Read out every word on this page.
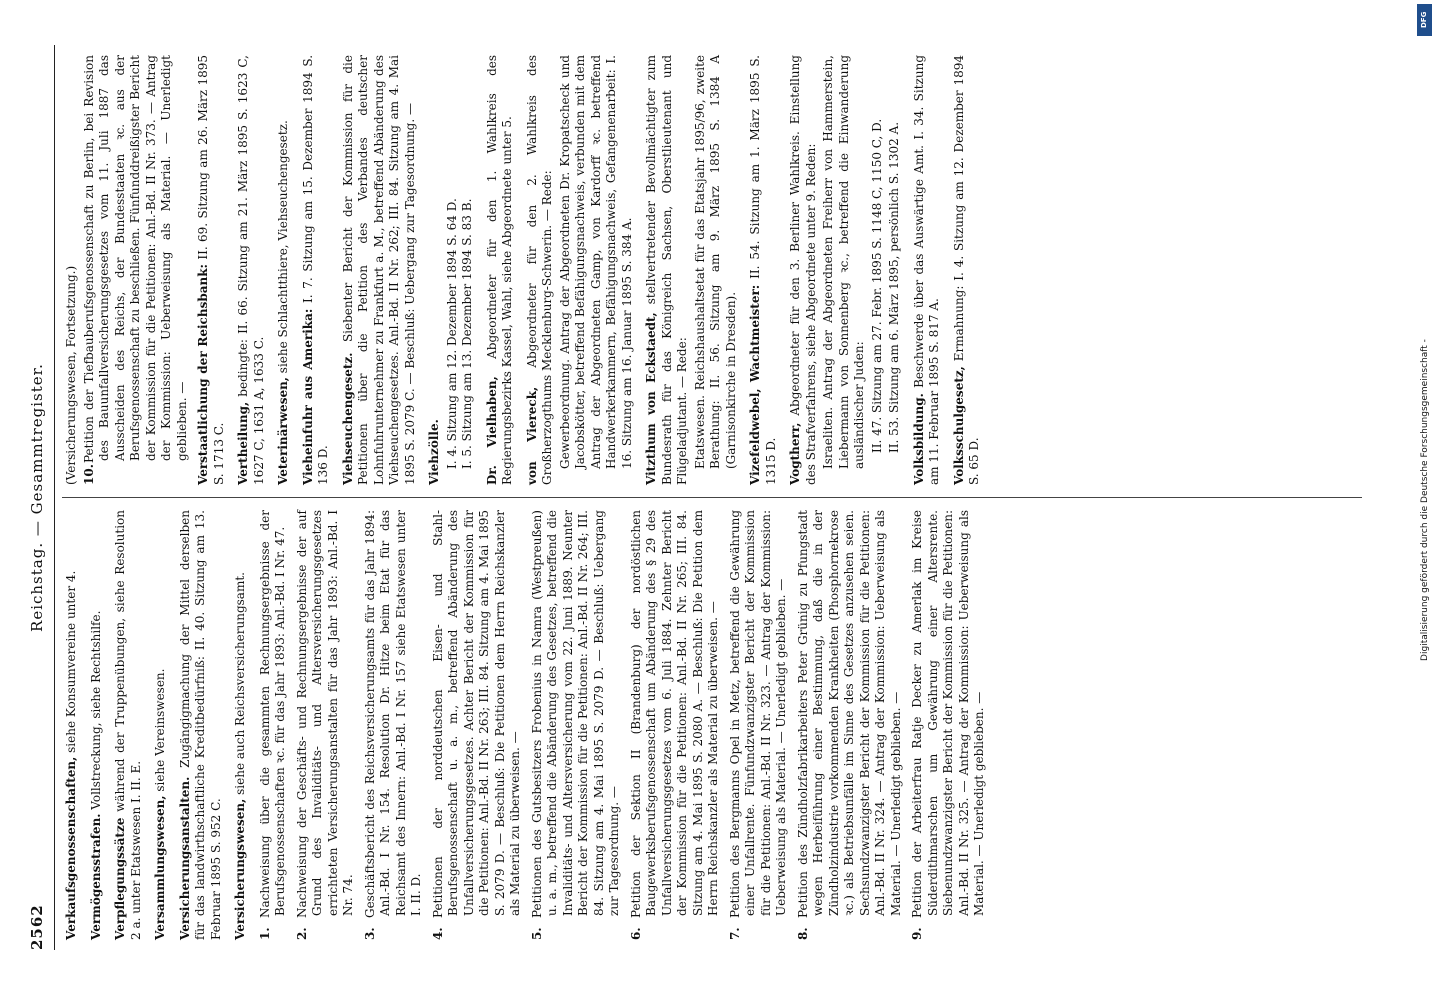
2562
Reichstag. — Gesammtregister.

Verkaufsgenossenschaften, siehe Konsumvereine unter 4.

Vermögensstrafen. Vollstreckung, siehe Rechtshilfe.

Verpflegungssätze während der Truppenübungen, siehe Resolution 2 a. unter Etatswesen I. II. E. Versammlungswesen, siehe Vereinswesen.

Versicherungsanstalten. Zugängigmachung der Mittel derselben für das landwirthschaftliche Kreditbedürfniß: II. 40. Sitzung am 13. Februar 1895 S. 952 C. Versicherungswesen, siehe auch Reichsversicherungsamt.

1.Nachweisung über die gesammten Rechnungsergebnisse der Berufsgenossenschaften ꝛc. für das Jahr 1893: Anl.-Bd. I Nr. 47.

2.Nachweisung der Geschäfts- und Rechnungsergebnisse der auf Grund des Invaliditäts- und Altersversicherungsgesetzes errichteten Versicherungsanstalten für das Jahr 1893: Anl.-Bd. I Nr. 74.

3.Geschäftsbericht des Reichsversicherungsamts für das Jahr 1894: Anl.-Bd. I Nr. 154. Resolution Dr. Hitze beim Etat für das Reichsamt des Innern: Anl.-Bd. I Nr. 157 siehe Etatswesen unter I. II. D.

4.Petitionen der norddeutschen Eisen- und Stahl-Berufsgenossenschaft u. a. m., betreffend Abänderung des Unfallversicherungsgesetzes. Achter Bericht der Kommission für die Petitionen: Anl.-Bd. II Nr. 263; III. 84. Sitzung am 4. Mai 1895 S. 2079 D. — Beschluß: Die Petitionen dem Herrn Reichskanzler als Material zu überweisen. —

5.Petitionen des Gutsbesitzers Frobenius in Namra (Westpreußen) u. a. m., betreffend die Abänderung des Gesetzes, betreffend die Invaliditäts- und Altersversicherung vom 22. Juni 1889. Neunter Bericht der Kommission für die Petitionen: Anl.-Bd. II Nr. 264; III. 84. Sitzung am 4. Mai 1895 S. 2079 D. — Beschluß: Uebergang zur Tagesordnung. —

6.Petition der Sektion II (Brandenburg) der nordöstlichen Baugewerksberufsgenossenschaft um Abänderung des § 29 des Unfallversicherungsgesetzes vom 6. Juli 1884. Zehnter Bericht der Kommission für die Petitionen: Anl.-Bd. II Nr. 265; III. 84. Sitzung am 4. Mai 1895 S. 2080 A. — Beschluß: Die Petition dem Herrn Reichskanzler als Material zu überweisen. —

7.Petition des Bergmanns Opel in Metz, betreffend die Gewährung einer Unfallrente. Fünfundzwanzigster Bericht der Kommission für die Petitionen: Anl.-Bd. II Nr. 323. — Antrag der Kommission: Ueberweisung als Material. — Unerledigt geblieben. —

8.Petition des Zündholzfabrikarbeiters Peter Grünig zu Pfungstadt wegen Herbeiführung einer Bestimmung, daß die in der Zündholzindustrie vorkommenden Krankheiten (Phosphornekrose ꝛc.) als Betriebsunfälle im Sinne des Gesetzes anzusehen seien. Sechsundzwanzigster Bericht der Kommission für die Petitionen: Anl.-Bd. II Nr. 324. — Antrag der Kommission: Ueberweisung als Material. — Unerledigt geblieben. —

9.Petition der Arbeiterfrau Ratje Decker zu Amerlak im Kreise Süderdithmarschen um Gewährung einer Altersrente. Siebenundzwanzigster Bericht der Kommission für die Petitionen: Anl.-Bd. II Nr. 325. — Antrag der Kommission: Ueberweisung als Material. — Unerledigt geblieben. —

(Versicherungswesen, Fortsetzung.) 10.Petition der Tiefbauberufsgenossenschaft zu Berlin, bei Revision des Bauunfallversicherungsgesetzes vom 11. Juli 1887 das Ausscheiden des Reichs, der Bundesstaaten ꝛc. aus der Berufsgenossenschaft zu beschließen. Fünfunddreißigster Bericht der Kommission für die Petitionen: Anl.-Bd. II Nr. 373. — Antrag der Kommission: Ueberweisung als Material. — Unerledigt geblieben. — Verstaatlichung der Reichsbank: II. 69. Sitzung am 26. März 1895 S. 1713 C. Vertheilung, bedingte: II. 66. Sitzung am 21. März 1895 S. 1623 C, 1627 C, 1631 A, 1633 C. Veterinärwesen, siehe Schlachtthiere, Viehseuchengesetz.

Vieheinfuhr aus Amerika: I. 7. Sitzung am 15. Dezember 1894 S. 136 D. Viehseuchengesetz. Siebenter Bericht der Kommission für die Petitionen über die Petition des Verbandes deutscher Lohnfuhrunternehmer zu Frankfurt a. M., betreffend Abänderung des Viehseuchengesetzes. Anl.-Bd. II Nr. 262; III. 84. Sitzung am 4. Mai 1895 S. 2079 C. — Beschluß: Uebergang zur Tagesordnung. — Viehzölle. I. 4. Sitzung am 12. Dezember 1894 S. 64 D. I. 5. Sitzung am 13. Dezember 1894 S. 83 B. Dr. Vielhaben, Abgeordneter für den 1. Wahlkreis des Regierungsbezirks Kassel, Wahl, siehe Abgeordnete unter 5. von Viereck, Abgeordneter für den 2. Wahlkreis des Großherzogthums Mecklenburg-Schwerin. — Rede: Gewerbeordnung. Antrag der Abgeordneten Dr. Kropatscheck und Jacobskötter, betreffend Befähigungsnachweis, verbunden mit dem Antrag der Abgeordneten Gamp, von Kardorff ꝛc. betreffend Handwerkerkammern, Befähigungsnachweis, Gefangenenarbeit: I. 16. Sitzung am 16. Januar 1895 S. 384 A. Vitzthum von Eckstaedt, stellvertretender Bevollmächtigter zum Bundesrath für das Königreich Sachsen, Oberstlieutenant und Flügeladjutant. — Rede: Etatswesen. Reichshaushaltsetat für das Etatsjahr 1895/96, zweite Berathung: II. 56. Sitzung am 9. März 1895 S. 1384 A (Garnisonkirche in Dresden). Vizefeldwebel, Wachtmeister: II. 54. Sitzung am 1. März 1895 S. 1315 D. Vogtherr, Abgeordneter für den 3. Berliner Wahlkreis. Einstellung des Strafverfahrens, siehe Abgeordnete unter 9. Reden: Israeliten. Antrag der Abgeordneten Freiherr von Hammerstein, Liebermann von Sonnenberg ꝛc., betreffend die Einwanderung ausländischer Juden: II. 47. Sitzung am 27. Febr. 1895 S. 1148 C, 1150 C, D. II. 53. Sitzung am 6. März 1895, persönlich S. 1302 A. Volksbildung. Beschwerde über das Auswärtige Amt. I. 34. Sitzung am 11. Februar 1895 S. 817 A. Volksschulgesetz, Ermahnung: I. 4. Sitzung am 12. Dezember 1894 S. 65 D.

DFG
Digitalisierung gefördert durch die Deutsche Forschungsgemeinschaft -
